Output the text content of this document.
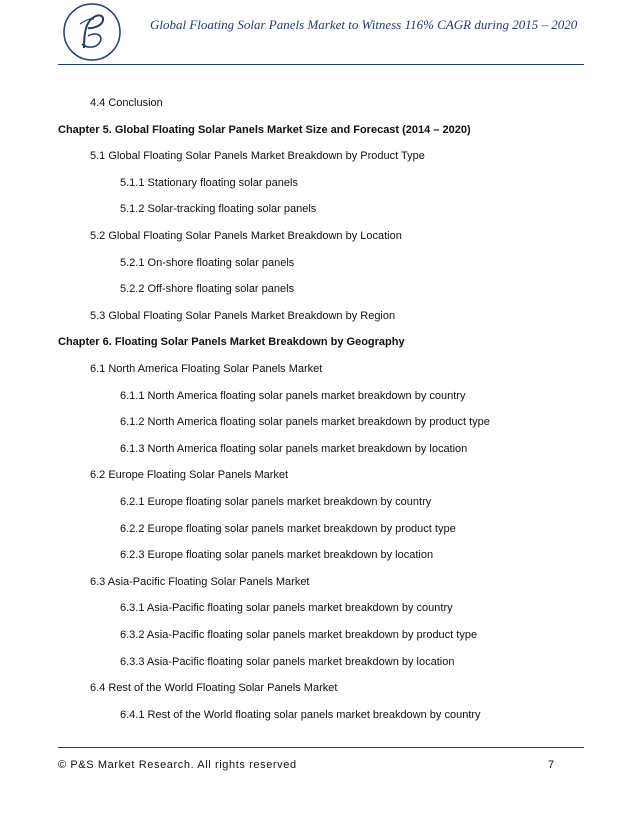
Global Floating Solar Panels Market to Witness 116% CAGR during 2015 – 2020
4.4 Conclusion
Chapter 5. Global Floating Solar Panels Market Size and Forecast (2014 – 2020)
5.1 Global Floating Solar Panels Market Breakdown by Product Type
5.1.1 Stationary floating solar panels
5.1.2 Solar-tracking floating solar panels
5.2 Global Floating Solar Panels Market Breakdown by Location
5.2.1 On-shore floating solar panels
5.2.2 Off-shore floating solar panels
5.3 Global Floating Solar Panels Market Breakdown by Region
Chapter 6. Floating Solar Panels Market Breakdown by Geography
6.1 North America Floating Solar Panels Market
6.1.1 North America floating solar panels market breakdown by country
6.1.2 North America floating solar panels market breakdown by product type
6.1.3 North America floating solar panels market breakdown by location
6.2 Europe Floating Solar Panels Market
6.2.1 Europe floating solar panels market breakdown by country
6.2.2 Europe floating solar panels market breakdown by product type
6.2.3 Europe floating solar panels market breakdown by location
6.3 Asia-Pacific Floating Solar Panels Market
6.3.1 Asia-Pacific floating solar panels market breakdown by country
6.3.2 Asia-Pacific floating solar panels market breakdown by product type
6.3.3 Asia-Pacific floating solar panels market breakdown by location
6.4 Rest of the World Floating Solar Panels Market
6.4.1 Rest of the World floating solar panels market breakdown by country
© P&S Market Research. All rights reserved	7
